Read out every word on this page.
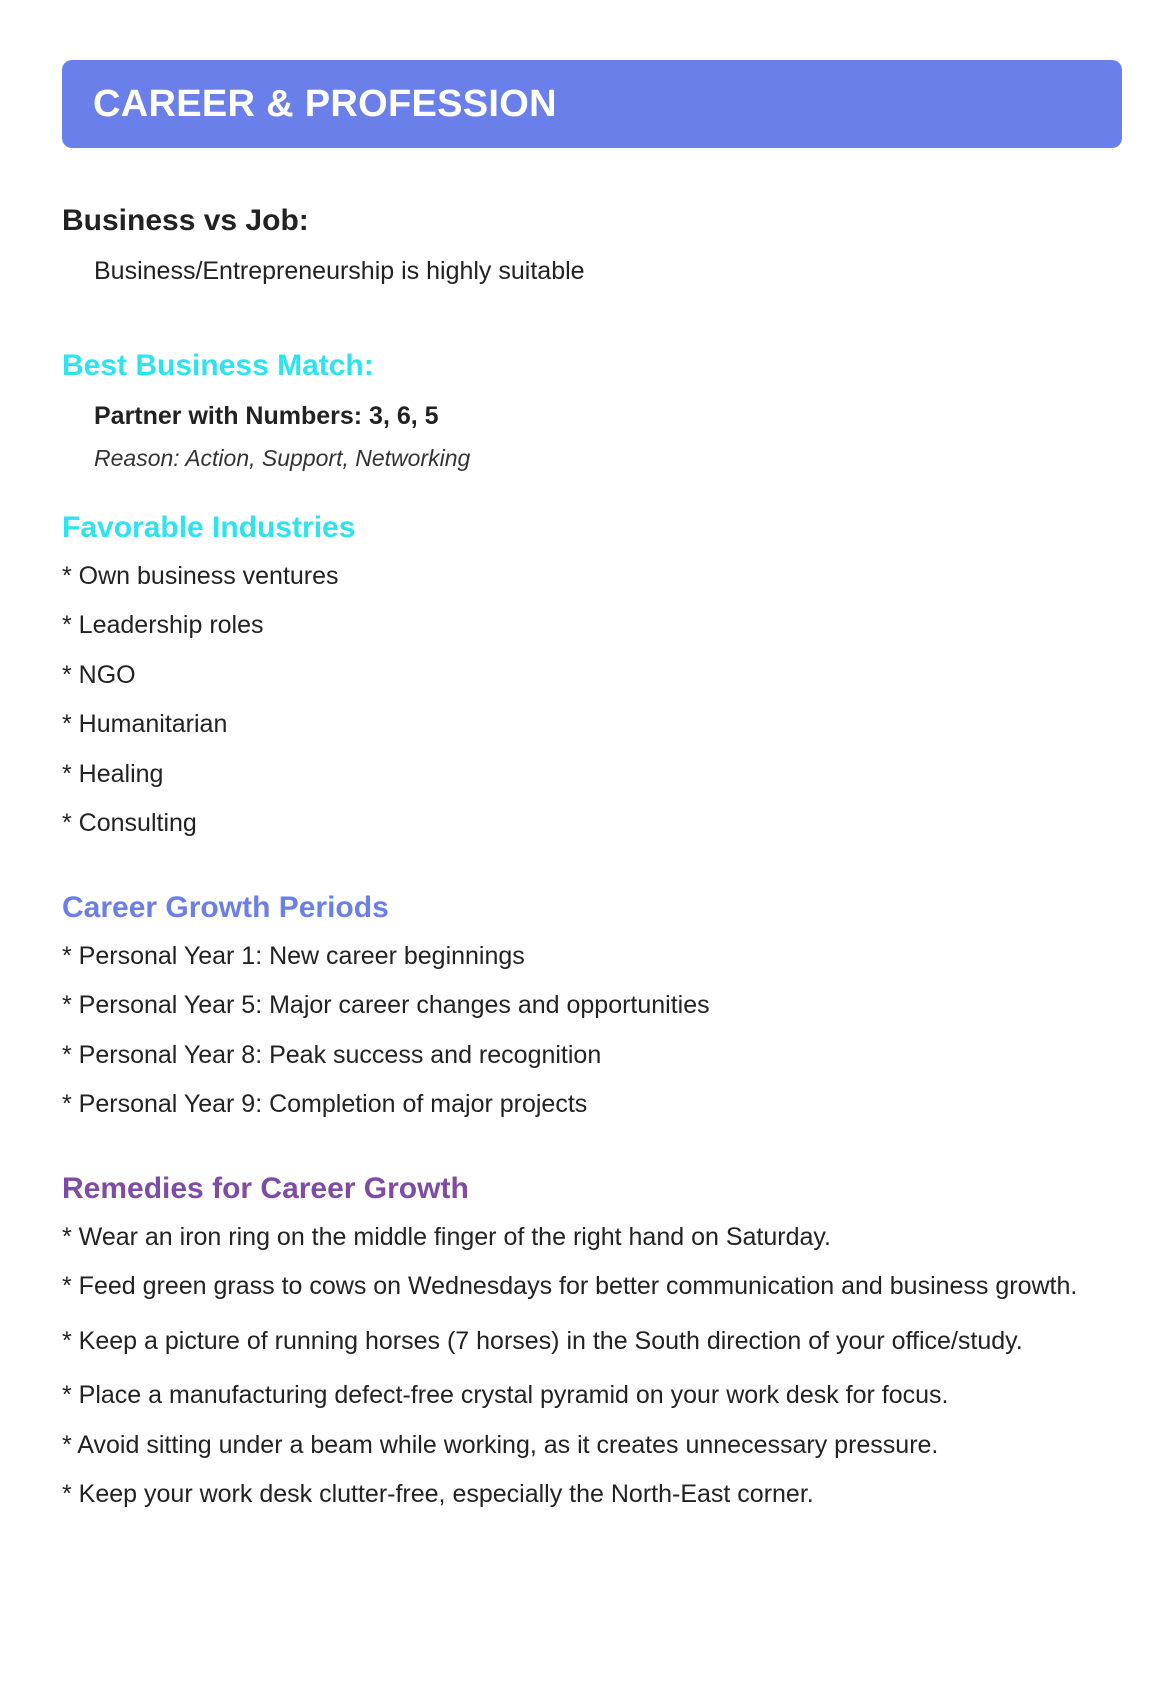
CAREER & PROFESSION
Business vs Job:
Business/Entrepreneurship is highly suitable
Best Business Match:
Partner with Numbers: 3, 6, 5
Reason: Action, Support, Networking
Favorable Industries
* Own business ventures
* Leadership roles
* NGO
* Humanitarian
* Healing
* Consulting
Career Growth Periods
* Personal Year 1: New career beginnings
* Personal Year 5: Major career changes and opportunities
* Personal Year 8: Peak success and recognition
* Personal Year 9: Completion of major projects
Remedies for Career Growth
* Wear an iron ring on the middle finger of the right hand on Saturday.
* Feed green grass to cows on Wednesdays for better communication and business growth.
* Keep a picture of running horses (7 horses) in the South direction of your office/study.
* Place a manufacturing defect-free crystal pyramid on your work desk for focus.
* Avoid sitting under a beam while working, as it creates unnecessary pressure.
* Keep your work desk clutter-free, especially the North-East corner.
